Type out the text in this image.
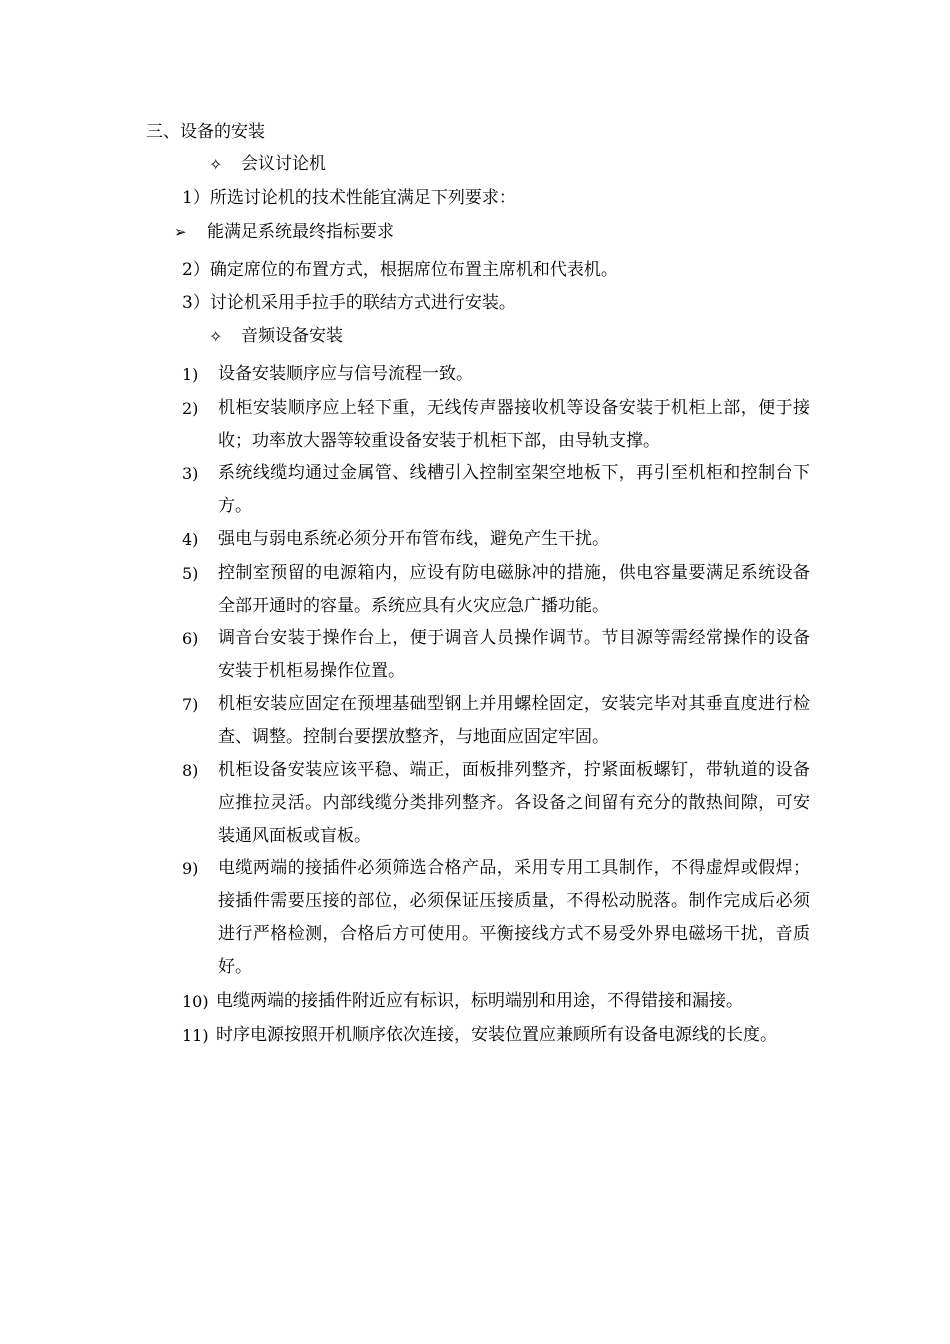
三、设备的安装
✧ 会议讨论机
1）所选讨论机的技术性能宜满足下列要求：
➢ 能满足系统最终指标要求
2）确定席位的布置方式，根据席位布置主席机和代表机。
3）讨论机采用手拉手的联结方式进行安装。
✧ 音频设备安装
1) 设备安装顺序应与信号流程一致。
2) 机柜安装顺序应上轻下重，无线传声器接收机等设备安装于机柜上部，便于接收；功率放大器等较重设备安装于机柜下部，由导轨支撑。
3) 系统线缆均通过金属管、线槽引入控制室架空地板下，再引至机柜和控制台下方。
4) 强电与弱电系统必须分开布管布线，避免产生干扰。
5) 控制室预留的电源箱内，应设有防电磁脉冲的措施，供电容量要满足系统设备全部开通时的容量。系统应具有火灾应急广播功能。
6) 调音台安装于操作台上，便于调音人员操作调节。节目源等需经常操作的设备安装于机柜易操作位置。
7) 机柜安装应固定在预埋基础型钢上并用螺栓固定，安装完毕对其垂直度进行检查、调整。控制台要摆放整齐，与地面应固定牢固。
8) 机柜设备安装应该平稳、端正，面板排列整齐，拧紧面板螺钉，带轨道的设备应推拉灵活。内部线缆分类排列整齐。各设备之间留有充分的散热间隙，可安装通风面板或盲板。
9) 电缆两端的接插件必须筛选合格产品，采用专用工具制作，不得虚焊或假焊；接插件需要压接的部位，必须保证压接质量，不得松动脱落。制作完成后必须进行严格检测，合格后方可使用。平衡接线方式不易受外界电磁场干扰，音质好。
10) 电缆两端的接插件附近应有标识，标明端别和用途，不得错接和漏接。
11) 时序电源按照开机顺序依次连接，安装位置应兼顾所有设备电源线的长度。
